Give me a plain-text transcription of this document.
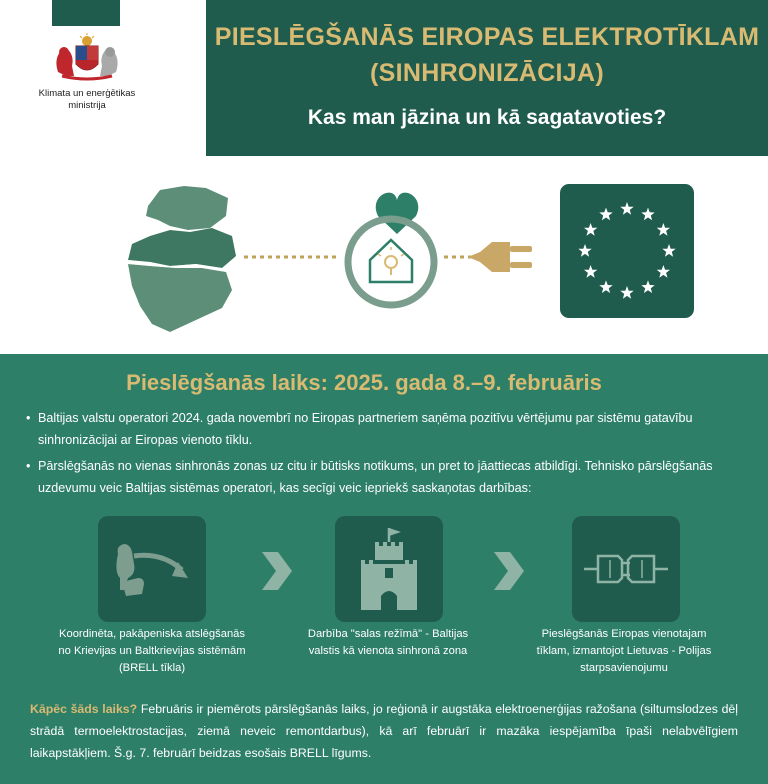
Klimata un enerģētikas ministrija
PIESLĒGŠANĀS EIROPAS ELEKTROTĪKLAM
(SINHRONIZĀCIJA)
Kas man jāzina un kā sagatavoties?
Pieslēgšanās laiks: 2025. gada 8.–9. februāris
• Baltijas valstu operatori 2024. gada novembrī no Eiropas partneriem saņēma pozitīvu vērtējumu par sistēmu gatavību sinhronizācijai ar Eiropas vienoto tīklu.
• Pārslēgšanās no vienas sinhronās zonas uz citu ir būtisks notikums, un pret to jāattiecas atbildīgi. Tehnisko pārslēgšanās uzdevumu veic Baltijas sistēmas operatori, kas secīgi veic iepriekš saskaņotas darbības:
Koordinēta, pakāpeniska atslēgšanās no Krievijas un Baltkrievijas sistēmām (BRELL tīkla)
Darbība "salas režīmā" - Baltijas valstis kā vienota sinhronā zona
Pieslēgšanās Eiropas vienotajam tīklam, izmantojot Lietuvas - Polijas starpsavienojumu
Kāpēc šāds laiks? Februāris ir piemērots pārslēgšanās laiks, jo reģionā ir augstāka elektroenerģijas ražošana (siltumslodzes dēļ strādā termoelektrostacijas, ziemā neveic remontdarbus), kā arī februārī ir mazāka iespējamība īpaši nelabvēlīgiem laikapstākļiem. Š.g. 7. februārī beidzas esošais BRELL līgums.
